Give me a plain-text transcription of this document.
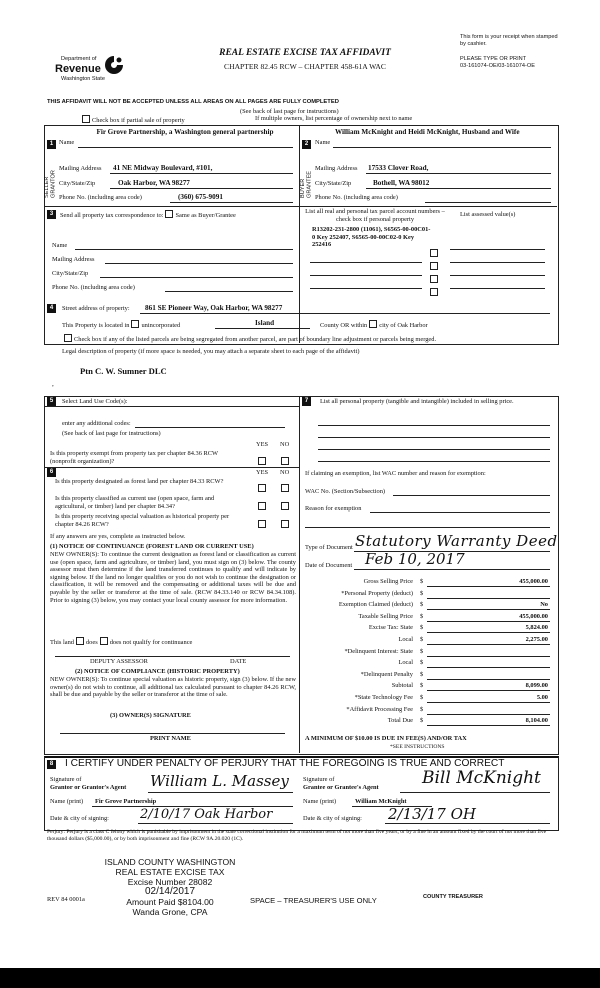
Department of
Revenue
Washington State
REAL ESTATE EXCISE TAX AFFIDAVIT
CHAPTER 82.45 RCW – CHAPTER 458-61A WAC
This form is your receipt when stamped by cashier.
PLEASE TYPE OR PRINT
03-161074-OE/03-161074-OE
THIS AFFIDAVIT WILL NOT BE ACCEPTED UNLESS ALL AREAS ON ALL PAGES ARE FULLY COMPLETED
Check box if partial sale of property	If multiple owners, list percentage of ownership next to name
(See back of last page for instructions)
1 Name
Fir Grove Partnership, a Washington general partnership
SELLER GRANTOR
Mailing Address 41 NE Midway Boulevard, #101,
City/State/Zip	Oak Harbor, WA 98277
Phone No. (including area code)	(360) 675-9091
2	Name
William McKnight and Heidi McKnight, Husband and Wife
BUYER GRANTEE
Mailing Address 17533 Clover Road,
City/State/Zip	Bothell, WA 98012
Phone No. (including area code)
3	Send all property tax correspondence to: Same as Buyer/Grantee
Name
Mailing Address
City/State/Zip
Phone No. (including area code)
List all real and personal tax parcel account numbers – check box if personal property
List assessed value(s)
R13202-231-2800 (11061), S6565-00-00C01-0 Key 252407, S6565-00-00C02-0 Key 252416
4	Street address of property: 861 SE Pioneer Way, Oak Harbor, WA 98277
This Property is located in unincorporated	Island	County OR within city of Oak Harbor
Check box if any of the listed parcels are being segregated from another parcel, are part of boundary line adjustment or parcels being merged.
Legal description of property (if more space is needed, you may attach a separate sheet to each page of the affidavit)
Ptn C. W. Sumner DLC
,
5	Select Land Use Code(s):
enter any additional codes:
(See back of last page for instructions)
YES NO
Is this property exempt from property tax per chapter 84.36 RCW (nonprofit organization)?
6	YES NO
Is this property designated as forest land per chapter 84.33 RCW?
Is this property classified as current use (open space, farm and agricultural, or timber) land per chapter 84.34?
Is this property receiving special valuation as historical property per chapter 84.26 RCW?
If any answers are yes, complete as instructed below.
(1) NOTICE OF CONTINUANCE (FOREST LAND OR CURRENT USE)
NEW OWNER(S): To continue the current designation as forest land or classification as current use (open space, farm and agriculture, or timber) land, you must sign on (3) below. The county assessor must then determine if the land transferred continues to qualify and will indicate by signing below. If the land no longer qualifies or you do not wish to continue the designation or classification, it will be removed and the compensating or additional taxes will be due and payable by the seller or transferor at the time of sale. (RCW 84.33.140 or RCW 84.34.108). Prior to signing (3) below, you may contact your local county assessor for more information.
This land does does not qualify for continuance
DEPUTY ASSESSOR	DATE
(2) NOTICE OF COMPLIANCE (HISTORIC PROPERTY)
NEW OWNER(S): To continue special valuation as historic property, sign (3) below. If the new owner(s) do not wish to continue, all additional tax calculated pursuant to chapter 84.26 RCW, shall be due and payable by the seller or transferor at the time of sale.
(3) OWNER(S) SIGNATURE
PRINT NAME
7	List all personal property (tangible and intangible) included in selling price.
If claiming an exemption, list WAC number and reason for exemption:
WAC No. (Section/Subsection)
Reason for exemption
Type of Document Statutory Warranty Deed
Date of Document Feb 10, 2017
Gross Selling Price $	455,000.00
*Personal Property (deduct) $
Exemption Claimed (deduct) $	No
Taxable Selling Price $	455,000.00
Excise Tax: State $	5,824.00
Local $	2,275.00
*Delinquent Interest: State $
Local $
*Delinquent Penalty $
Subtotal $	8,099.00
*State Technology Fee $	5.00
*Affidavit Processing Fee $
Total Due $	8,104.00
A MINIMUM OF $10.00 IS DUE IN FEE(S) AND/OR TAX
*SEE INSTRUCTIONS
8 I CERTIFY UNDER PENALTY OF PERJURY THAT THE FOREGOING IS TRUE AND CORRECT
Signature of
Grantor or Grantor's Agent William L. Massey
Name (print) Fir Grove Partnership
Date & city of signing: 2/10/17 Oak Harbor
Signature of
Grantee or Grantee's Agent	Bill McKnight
Name (print)	William McKnight
Date & city of signing: 2/13/17 OH
Perjury: Perjury is a class C felony which is punishable by imprisonment in the state correctional institution for a maximum term of not more than five years, or by a fine in an amount fixed by the court of not more than five thousand dollars ($5,000.00), or by both imprisonment and fine (RCW 9A.20.020 (1C).
ISLAND COUNTY WASHINGTON
REAL ESTATE EXCISE TAX
Excise Number 28082
02/14/2017
Amount Paid $8104.00
Wanda Grone, CPA
REV 84 0001a	SPACE – TREASURER'S USE ONLY	COUNTY TREASURER
